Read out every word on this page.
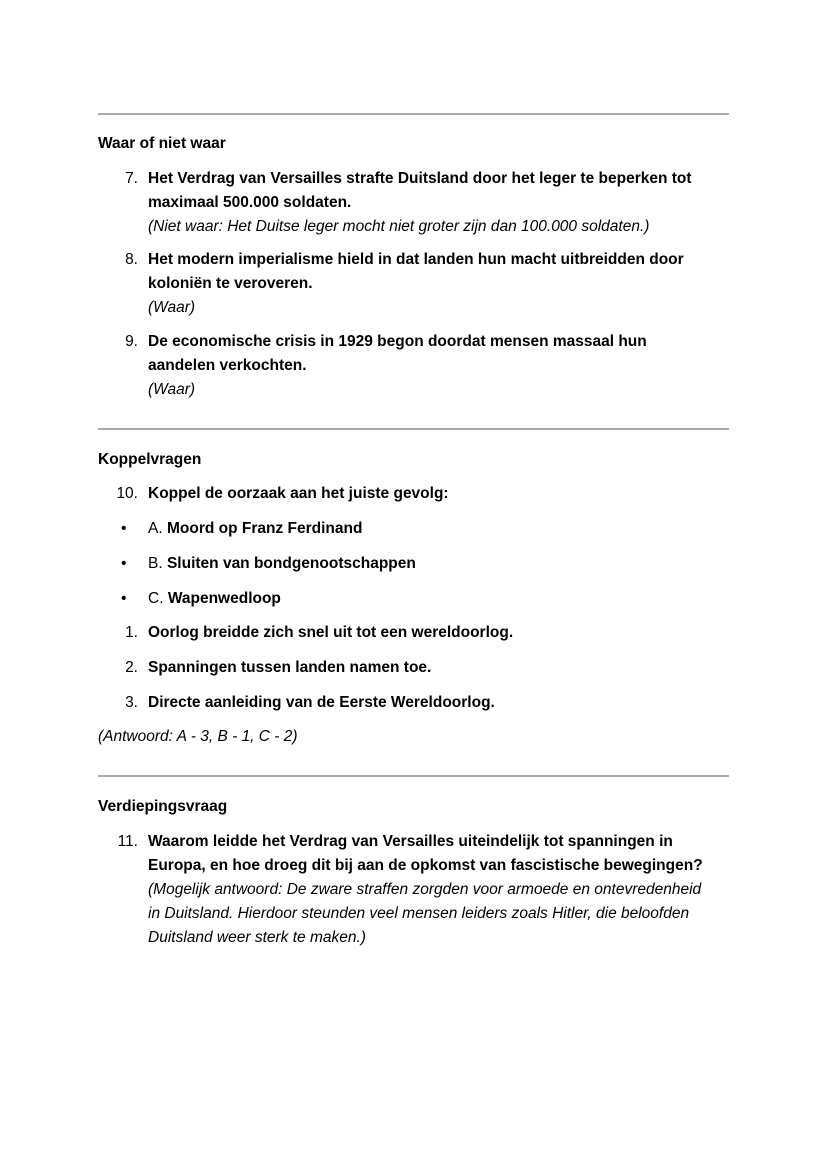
Waar of niet waar
7. Het Verdrag van Versailles strafte Duitsland door het leger te beperken tot
maximaal 500.000 soldaten.
(Niet waar: Het Duitse leger mocht niet groter zijn dan 100.000 soldaten.)
8. Het modern imperialisme hield in dat landen hun macht uitbreidden door
koloniën te veroveren.
(Waar)
9. De economische crisis in 1929 begon doordat mensen massaal hun
aandelen verkochten.
(Waar)
Koppelvragen
10. Koppel de oorzaak aan het juiste gevolg:
• A. Moord op Franz Ferdinand
• B. Sluiten van bondgenootschappen
• C. Wapenwedloop
1. Oorlog breidde zich snel uit tot een wereldoorlog.
2. Spanningen tussen landen namen toe.
3. Directe aanleiding van de Eerste Wereldoorlog.
(Antwoord: A - 3, B - 1, C - 2)
Verdiepingsvraag
11. Waarom leidde het Verdrag van Versailles uiteindelijk tot spanningen in
Europa, en hoe droeg dit bij aan de opkomst van fascistische bewegingen?
(Mogelijk antwoord: De zware straffen zorgden voor armoede en ontevredenheid
in Duitsland. Hierdoor steunden veel mensen leiders zoals Hitler, die beloofden
Duitsland weer sterk te maken.)
